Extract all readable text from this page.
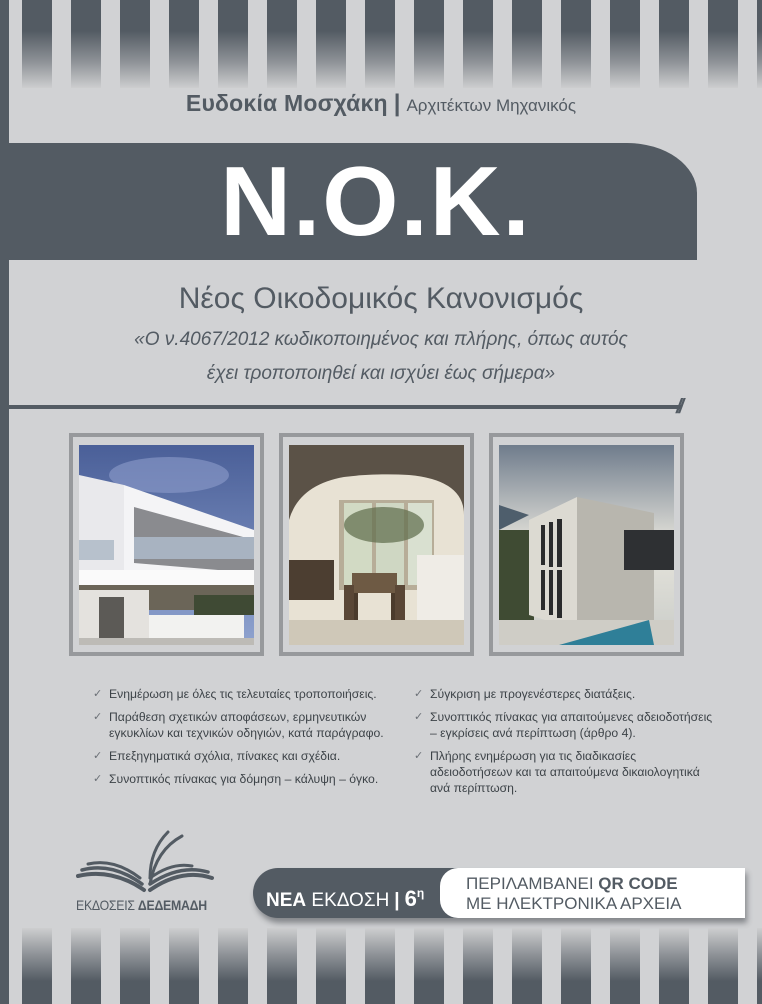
Ευδοκία Μοσχάκη | Αρχιτέκτων Μηχανικός
N.O.K.
Νέος Οικοδομικός Κανονισμός
«Ο ν.4067/2012 κωδικοποιημένος και πλήρης, όπως αυτός
έχει τροποποιηθεί και ισχύει έως σήμερα»
//
✓ Ενημέρωση με όλες τις τελευταίες τροποποιήσεις.
✓ Παράθεση σχετικών αποφάσεων, ερμηνευτικών εγκυκλίων και τεχνικών οδηγιών, κατά παράγραφο.
✓ Επεξηγηματικά σχόλια, πίνακες και σχέδια.
✓ Συνοπτικός πίνακας για δόμηση – κάλυψη – όγκο.
✓ Σύγκριση με προγενέστερες διατάξεις.
✓ Συνοπτικός πίνακας για απαιτούμενες αδειοδοτήσεις – εγκρίσεις ανά περίπτωση (άρθρο 4).
✓ Πλήρης ενημέρωση για τις διαδικασίες αδειοδοτήσεων και τα απαιτούμενα δικαιολογητικά ανά περίπτωση.
ΕΚΔΟΣΕΙΣ ΔΕΔΕΜΑΔΗ	ΝΕΑ ΕΚΔΟΣΗ | $6^\eta$ ΠΕΡΙΛΑΜΒΑΝΕΙ QR CODE
ΜΕ ΗΛΕΚΤΡΟΝΙΚΑ ΑΡΧΕΙΑ
